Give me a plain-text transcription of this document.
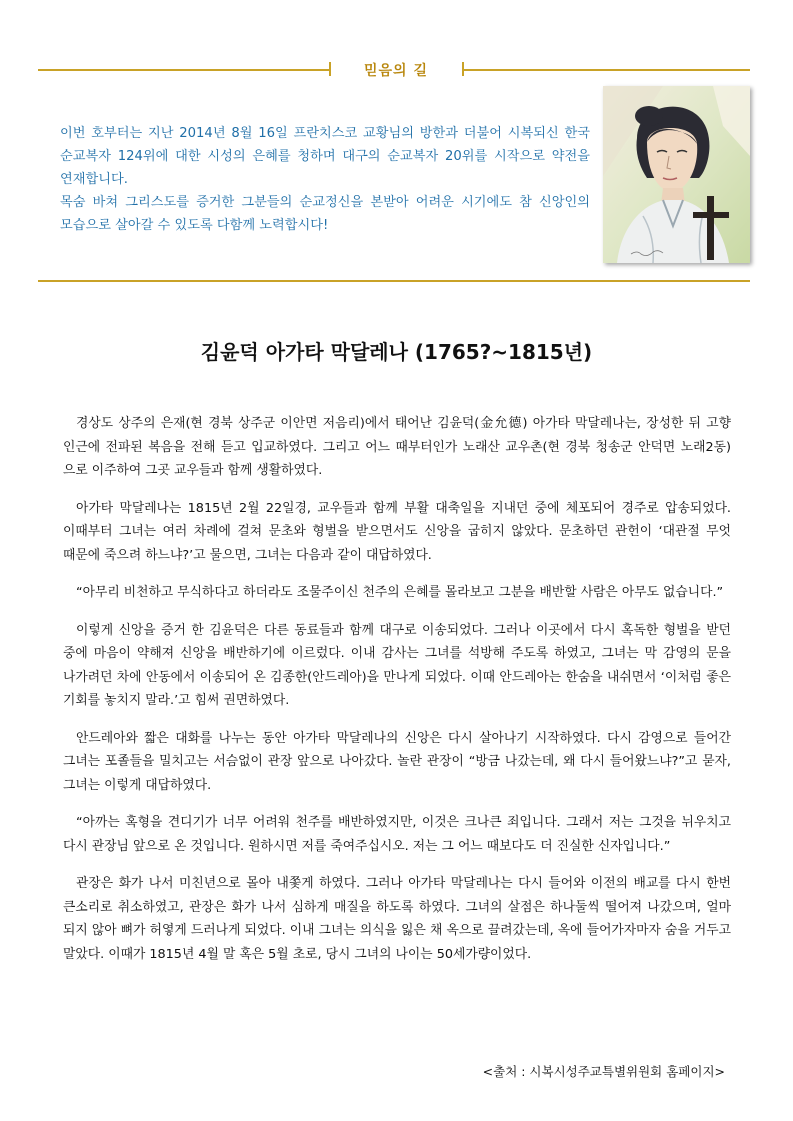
믿음의 길

이번 호부터는 지난 2014년 8월 16일 프란치스코 교황님의 방한과 더불어 시복되신 한국 순교복자 124위에 대한 시성의 은혜를 청하며 대구의 순교복자 20위를 시작으로 약전을 연재합니다.

목숨 바쳐 그리스도를 증거한 그분들의 순교정신을 본받아 어려운 시기에도 참 신앙인의 모습으로 살아갈 수 있도록 다함께 노력합시다!

김윤덕 아가타 막달레나 (1765?~1815년)

경상도 상주의 은재(현 경북 상주군 이안면 저음리)에서 태어난 김윤덕(金允德) 아가타 막달레나는, 장성한 뒤 고향 인근에 전파된 복음을 전해 듣고 입교하였다. 그리고 어느 때부터인가 노래산 교우촌(현 경북 청송군 안덕면 노래2동)으로 이주하여 그곳 교우들과 함께 생활하였다.

아가타 막달레나는 1815년 2월 22일경, 교우들과 함께 부활 대축일을 지내던 중에 체포되어 경주로 압송되었다. 이때부터 그녀는 여러 차례에 걸쳐 문초와 형벌을 받으면서도 신앙을 굽히지 않았다. 문초하던 관헌이 ‘대관절 무엇 때문에 죽으려 하느냐?’고 물으면, 그녀는 다음과 같이 대답하였다.

“아무리 비천하고 무식하다고 하더라도 조물주이신 천주의 은혜를 몰라보고 그분을 배반할 사람은 아무도 없습니다.”

이렇게 신앙을 증거 한 김윤덕은 다른 동료들과 함께 대구로 이송되었다. 그러나 이곳에서 다시 혹독한 형벌을 받던 중에 마음이 약해져 신앙을 배반하기에 이르렀다. 이내 감사는 그녀를 석방해 주도록 하였고, 그녀는 막 감영의 문을 나가려던 차에 안동에서 이송되어 온 김종한(안드레아)을 만나게 되었다. 이때 안드레아는 한숨을 내쉬면서 ‘이처럼 좋은 기회를 놓치지 말라.’고 힘써 권면하였다.

안드레아와 짧은 대화를 나누는 동안 아가타 막달레나의 신앙은 다시 살아나기 시작하였다. 다시 감영으로 들어간 그녀는 포졸들을 밀치고는 서슴없이 관장 앞으로 나아갔다. 놀란 관장이 “방금 나갔는데, 왜 다시 들어왔느냐?”고 묻자, 그녀는 이렇게 대답하였다.

“아까는 혹형을 견디기가 너무 어려워 천주를 배반하였지만, 이것은 크나큰 죄입니다. 그래서 저는 그것을 뉘우치고 다시 관장님 앞으로 온 것입니다. 원하시면 저를 죽여주십시오. 저는 그 어느 때보다도 더 진실한 신자입니다.”

관장은 화가 나서 미친년으로 몰아 내쫓게 하였다. 그러나 아가타 막달레나는 다시 들어와 이전의 배교를 다시 한번 큰소리로 취소하였고, 관장은 화가 나서 심하게 매질을 하도록 하였다. 그녀의 살점은 하나둘씩 떨어져 나갔으며, 얼마 되지 않아 뼈가 허옇게 드러나게 되었다. 이내 그녀는 의식을 잃은 채 옥으로 끌려갔는데, 옥에 들어가자마자 숨을 거두고 말았다. 이때가 1815년 4월 말 혹은 5월 초로, 당시 그녀의 나이는 50세가량이었다.

<출처 : 시복시성주교특별위원회 홈페이지>
